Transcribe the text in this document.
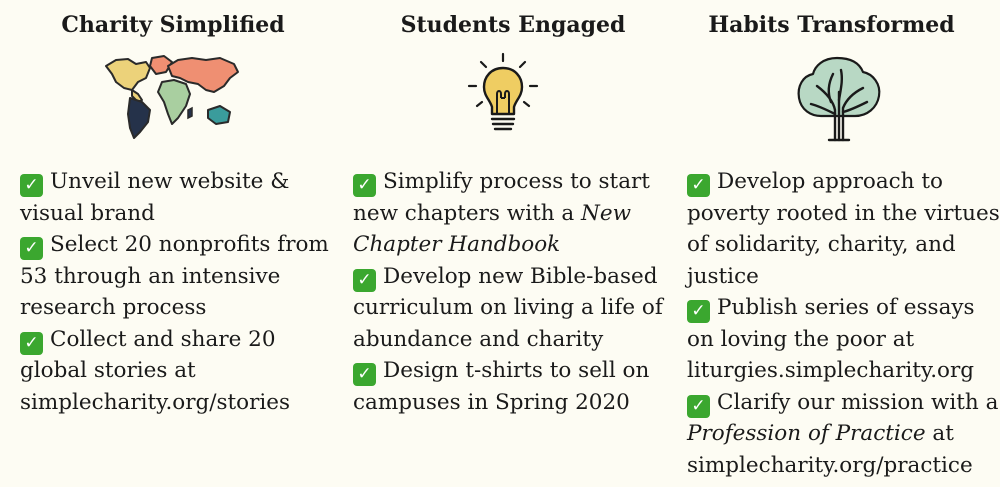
Charity Simplified
✓ Unveil new website & visual brand
✓ Select 20 nonprofits from 53 through an intensive research process
✓ Collect and share 20 global stories at simplecharity.org/stories
Students Engaged
✓ Simplify process to start new chapters with a New Chapter Handbook
✓ Develop new Bible-based curriculum on living a life of abundance and charity
✓ Design t-shirts to sell on campuses in Spring 2020
Habits Transformed
✓ Develop approach to poverty rooted in the virtues of solidarity, charity, and justice
✓ Publish series of essays on loving the poor at liturgies.simplecharity.org
✓ Clarify our mission with a Profession of Practice at simplecharity.org/practice
